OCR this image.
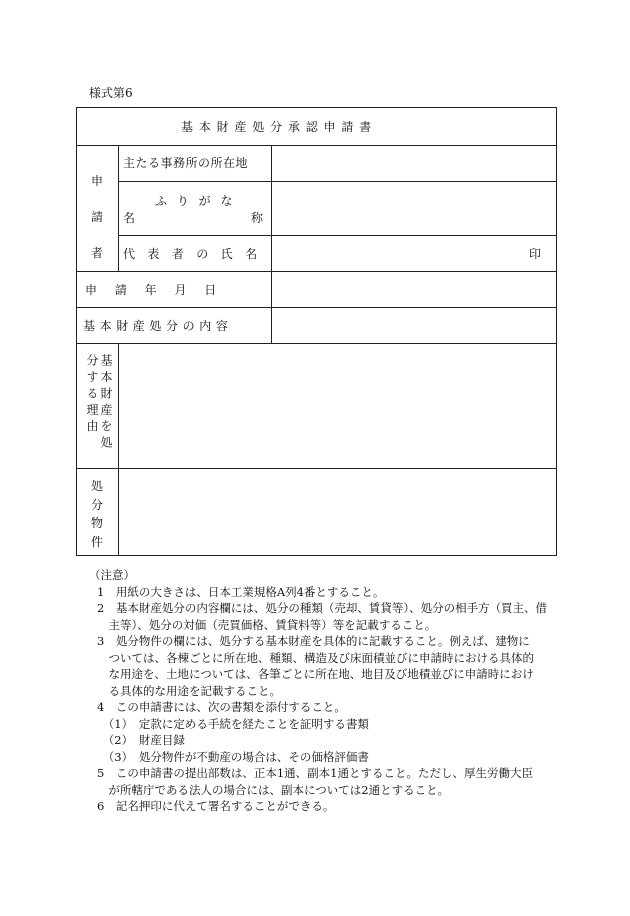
様式第6
基 本 財 産 処 分 承 認 申 請 書
申
請
者
主たる事務所の所在地
ふ り が な
名	称
代 表 者 の 氏 名	印
申 請 年 月 日
基本財産処分の内容
基本財産を処
分する理由
処
分
物
件
（注意）
1　用紙の大きさは、日本工業規格A列4番とすること。
2　基本財産処分の内容欄には、処分の種類（売却、賃貸等）、処分の相手方（買主、借
　主等）、処分の対価（売買価格、賃貸料等）等を記載すること。
3　処分物件の欄には、処分する基本財産を具体的に記載すること。例えば、建物に
　ついては、各棟ごとに所在地、種類、構造及び床面積並びに申請時における具体的
　な用途を、土地については、各筆ごとに所在地、地目及び地積並びに申請時におけ
　る具体的な用途を記載すること。
4　この申請書には、次の書類を添付すること。
　（1）　定款に定める手続を経たことを証明する書類
　（2）　財産目録
　（3）　処分物件が不動産の場合は、その価格評価書
5　この申請書の提出部数は、正本1通、副本1通とすること。ただし、厚生労働大臣
　が所轄庁である法人の場合には、副本については2通とすること。
6　記名押印に代えて署名することができる。
